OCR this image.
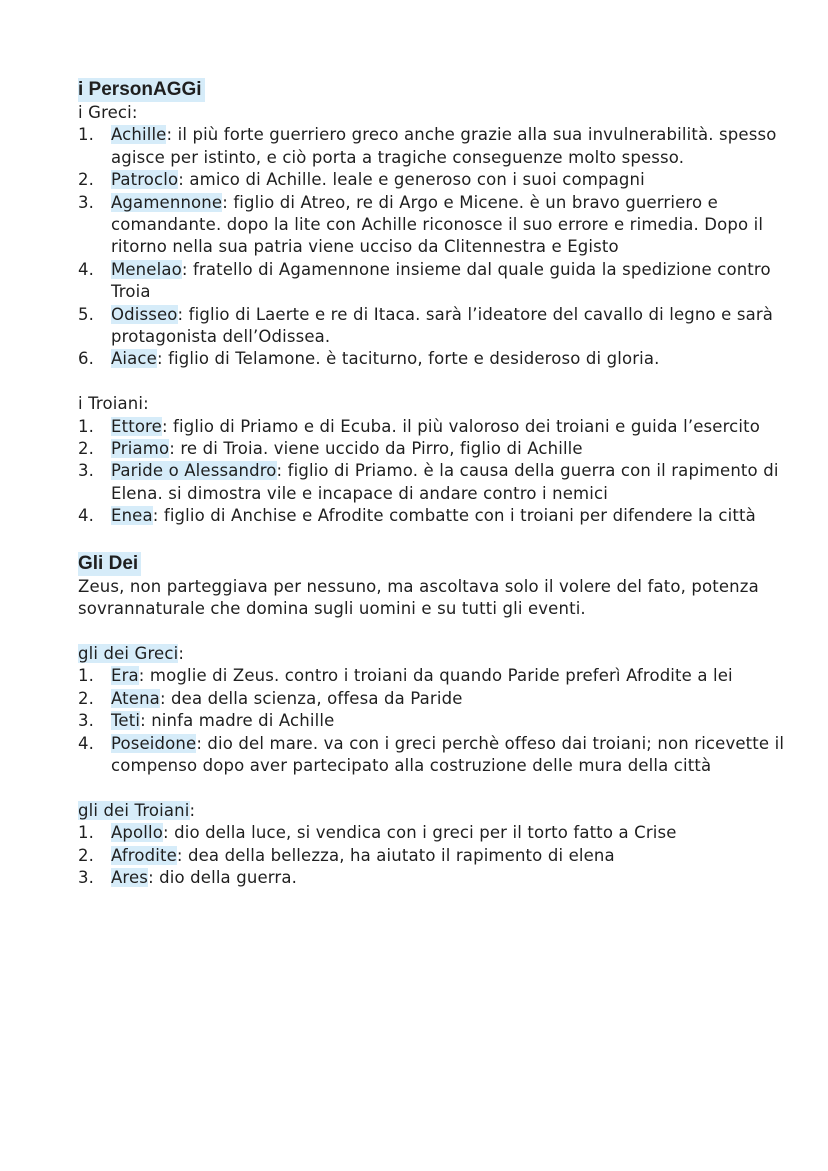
i PersonAGGi
i Greci:
1. Achille: il più forte guerriero greco anche grazie alla sua invulnerabilità. spesso agisce per istinto, e ciò porta a tragiche conseguenze molto spesso.
2. Patroclo: amico di Achille. leale e generoso con i suoi compagni
3. Agamennone: figlio di Atreo, re di Argo e Micene. è un bravo guerriero e comandante. dopo la lite con Achille riconosce il suo errore e rimedia. Dopo il ritorno nella sua patria viene ucciso da Clitennestra e Egisto
4. Menelao: fratello di Agamennone insieme dal quale guida la spedizione contro Troia
5. Odisseo: figlio di Laerte e re di Itaca. sarà l’ideatore del cavallo di legno e sarà protagonista dell’Odissea.
6. Aiace: figlio di Telamone. è taciturno, forte e desideroso di gloria.
i Troiani:
1. Ettore: figlio di Priamo e di Ecuba. il più valoroso dei troiani e guida l’esercito
2. Priamo: re di Troia. viene uccido da Pirro, figlio di Achille
3. Paride o Alessandro: figlio di Priamo. è la causa della guerra con il rapimento di Elena. si dimostra vile e incapace di andare contro i nemici
4. Enea: figlio di Anchise e Afrodite combatte con i troiani per difendere la città
Gli Dei
Zeus, non parteggiava per nessuno, ma ascoltava solo il volere del fato, potenza sovrannaturale che domina sugli uomini e su tutti gli eventi.
gli dei Greci:
1. Era: moglie di Zeus. contro i troiani da quando Paride preferì Afrodite a lei
2. Atena: dea della scienza, offesa da Paride
3. Teti: ninfa madre di Achille
4. Poseidone: dio del mare. va con i greci perchè offeso dai troiani; non ricevette il compenso dopo aver partecipato alla costruzione delle mura della città
gli dei Troiani:
1. Apollo: dio della luce, si vendica con i greci per il torto fatto a Crise
2. Afrodite: dea della bellezza, ha aiutato il rapimento di elena
3. Ares: dio della guerra.
